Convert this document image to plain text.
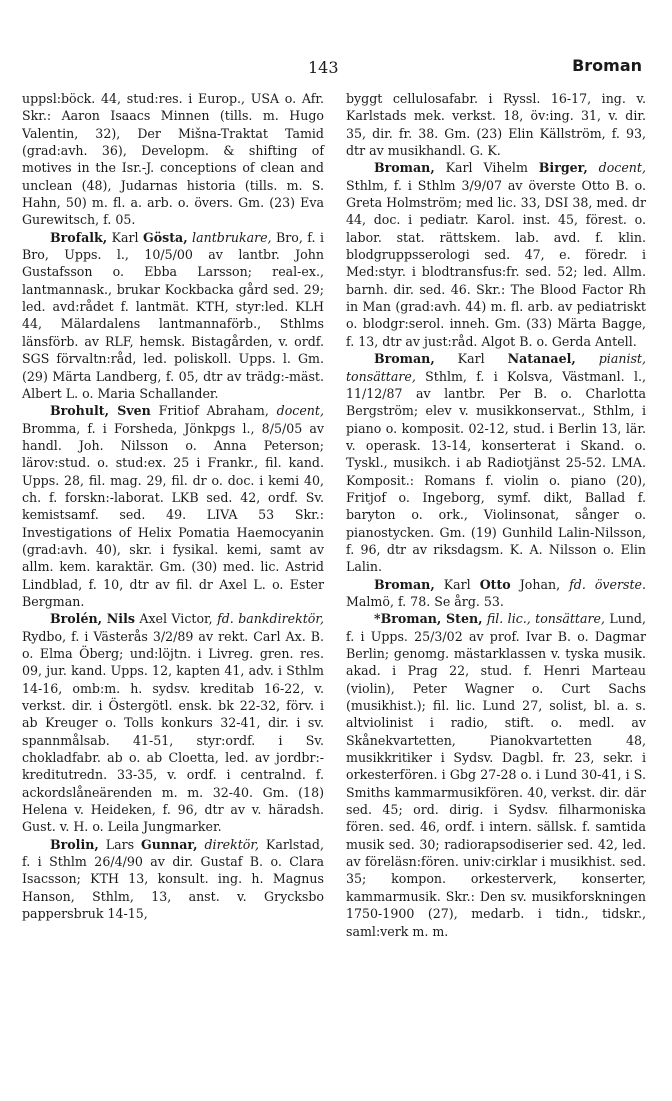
143	Broman

uppsl:böck. 44, stud:res. i Europ., USA o. Afr. Skr.: Aaron Isaacs Minnen (tills. m. Hugo Valentin, 32), Der Mišna-Traktat Tamid (grad:avh. 36), Developm. & shifting of motives in the Isr.-J. conceptions of clean and unclean (48), Judarnas historia (tills. m. S. Hahn, 50) m. fl. a. arb. o. övers. Gm. (23) Eva Gurewitsch, f. 05.

Brofalk, Karl Gösta, lantbrukare, Bro, f. i Bro, Upps. l., 10/5/00 av lantbr. John Gustafsson o. Ebba Larsson; real-ex., lantmannask., brukar Kockbacka gård sed. 29; led. avd:rådet f. lantmät. KTH, styr:led. KLH 44, Mälardalens lantmannaförb., Sthlms länsförb. av RLF, hemsk. Bistagården, v. ordf. SGS förvaltn:råd, led. poliskoll. Upps. l. Gm. (29) Märta Landberg, f. 05, dtr av trädg:-mäst. Albert L. o. Maria Schallander.

Brohult, Sven Fritiof Abraham, docent, Bromma, f. i Forsheda, Jönkpgs l., 8/5/05 av handl. Joh. Nilsson o. Anna Peterson; lärov:stud. o. stud:ex. 25 i Frankr., fil. kand. Upps. 28, fil. mag. 29, fil. dr o. doc. i kemi 40, ch. f. forskn:-laborat. LKB sed. 42, ordf. Sv. kemistsamf. sed. 49. LIVA 53 Skr.: Investigations of Helix Pomatia Haemocyanin (grad:avh. 40), skr. i fysikal. kemi, samt av allm. kem. karaktär. Gm. (30) med. lic. Astrid Lindblad, f. 10, dtr av fil. dr Axel L. o. Ester Bergman.

Brolén, Nils Axel Victor, fd. bankdirektör, Rydbo, f. i Västerås 3/2/89 av rekt. Carl Ax. B. o. Elma Öberg; und:löjtn. i Livreg. gren. res. 09, jur. kand. Upps. 12, kapten 41, adv. i Sthlm 14-16, omb:m. h. sydsv. kreditab 16-22, v. verkst. dir. i Östergötl. ensk. bk 22-32, förv. i ab Kreuger o. Tolls konkurs 32-41, dir. i sv. spannmålsab. 41-51, styr:ordf. i Sv. chokladfabr. ab o. ab Cloetta, led. av jordbr:-kreditutredn. 33-35, v. ordf. i centralnd. f. ackordslåneärenden m. m. 32-40. Gm. (18) Helena v. Heideken, f. 96, dtr av v. häradsh. Gust. v. H. o. Leila Jungmarker.

Brolin, Lars Gunnar, direktör, Karlstad, f. i Sthlm 26/4/90 av dir. Gustaf B. o. Clara Isacsson; KTH 13, konsult. ing. h. Magnus Hanson, Sthlm, 13, anst. v. Grycksbo pappersbruk 14-15,

byggt cellulosafabr. i Ryssl. 16-17, ing. v. Karlstads mek. verkst. 18, öv:ing. 31, v. dir. 35, dir. fr. 38. Gm. (23) Elin Källström, f. 93, dtr av musikhandl. G. K.

Broman, Karl Vihelm Birger, docent, Sthlm, f. i Sthlm 3/9/07 av överste Otto B. o. Greta Holmström; med lic. 33, DSI 38, med. dr 44, doc. i pediatr. Karol. inst. 45, förest. o. labor. stat. rättskem. lab. avd. f. klin. blodgruppsserologi sed. 47, e. föredr. i Med:styr. i blodtransfus:fr. sed. 52; led. Allm. barnh. dir. sed. 46. Skr.: The Blood Factor Rh in Man (grad:avh. 44) m. fl. arb. av pediatriskt o. blodgr:serol. inneh. Gm. (33) Märta Bagge, f. 13, dtr av just:råd. Algot B. o. Gerda Antell.

Broman, Karl Natanael, pianist, tonsättare, Sthlm, f. i Kolsva, Västmanl. l., 11/12/87 av lantbr. Per B. o. Charlotta Bergström; elev v. musikkonservat., Sthlm, i piano o. komposit. 02-12, stud. i Berlin 13, lär. v. operask. 13-14, konserterat i Skand. o. Tyskl., musikch. i ab Radiotjänst 25-52. LMA. Komposit.: Romans f. violin o. piano (20), Fritjof o. Ingeborg, symf. dikt, Ballad f. baryton o. ork., Violinsonat, sånger o. pianostycken. Gm. (19) Gunhild Lalin-Nilsson, f. 96, dtr av riksdagsm. K. A. Nilsson o. Elin Lalin.

Broman, Karl Otto Johan, fd. överste. Malmö, f. 78. Se årg. 53.

*Broman, Sten, fil. lic., tonsättare, Lund, f. i Upps. 25/3/02 av prof. Ivar B. o. Dagmar Berlin; genomg. mästarklassen v. tyska musik. akad. i Prag 22, stud. f. Henri Marteau (violin), Peter Wagner o. Curt Sachs (musikhist.); fil. lic. Lund 27, solist, bl. a. s. altviolinist i radio, stift. o. medl. av Skånekvartetten, Pianokvartetten 48, musikkritiker i Sydsv. Dagbl. fr. 23, sekr. i orkesterfören. i Gbg 27-28 o. i Lund 30-41, i S. Smiths kammarmusikfören. 40, verkst. dir. där sed. 45; ord. dirig. i Sydsv. filharmoniska fören. sed. 46, ordf. i intern. sällsk. f. samtida musik sed. 30; radiorapsodiserier sed. 42, led. av föreläsn:fören. univ:cirklar i musikhist. sed. 35; kompon. orkesterverk, konserter, kammarmusik. Skr.: Den sv. musikforskningen 1750-1900 (27), medarb. i tidn., tidskr., saml:verk m. m.
